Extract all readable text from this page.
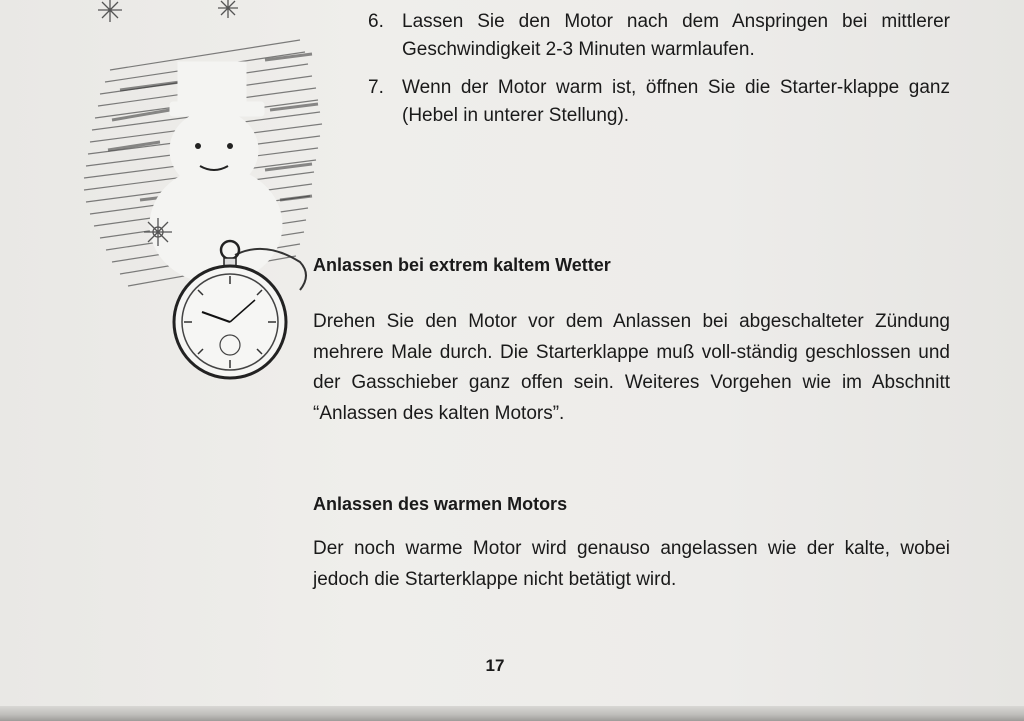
6. Lassen Sie den Motor nach dem Anspringen bei mittlerer Geschwindigkeit 2-3 Minuten warmlaufen.
7. Wenn der Motor warm ist, öffnen Sie die Starter-klappe ganz (Hebel in unterer Stellung).
Anlassen bei extrem kaltem Wetter

Drehen Sie den Motor vor dem Anlassen bei abgeschalteter Zündung mehrere Male durch. Die Starterklappe muß voll-ständig geschlossen und der Gasschieber ganz offen sein. Weiteres Vorgehen wie im Abschnitt “Anlassen des kalten Motors”.

Anlassen des warmen Motors

Der noch warme Motor wird genauso angelassen wie der kalte, wobei jedoch die Starterklappe nicht betätigt wird.

17
